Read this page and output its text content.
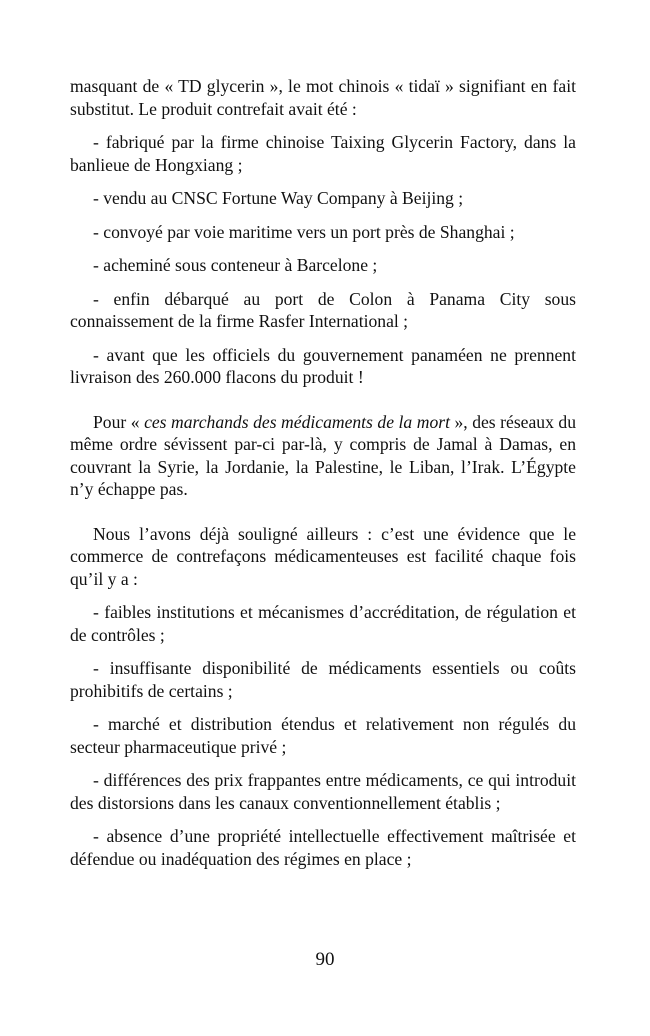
masquant de « TD glycerin », le mot chinois « tidaï » signifiant en fait substitut. Le produit contrefait avait été :

- fabriqué par la firme chinoise Taixing Glycerin Factory, dans la banlieue de Hongxiang ;

- vendu au CNSC Fortune Way Company à Beijing ;

- convoyé par voie maritime vers un port près de Shanghai ;

- acheminé sous conteneur à Barcelone ;

- enfin débarqué au port de Colon à Panama City sous connaissement de la firme Rasfer International ;

- avant que les officiels du gouvernement panaméen ne prennent livraison des 260.000 flacons du produit !

Pour « ces marchands des médicaments de la mort », des réseaux du même ordre sévissent par-ci par-là, y compris de Jamal à Damas, en couvrant la Syrie, la Jordanie, la Palestine, le Liban, l’Irak. L’Égypte n’y échappe pas.

Nous l’avons déjà souligné ailleurs : c’est une évidence que le commerce de contrefaçons médicamenteuses est facilité chaque fois qu’il y a :

- faibles institutions et mécanismes d’accréditation, de régulation et de contrôles ;

- insuffisante disponibilité de médicaments essentiels ou coûts prohibitifs de certains ;

- marché et distribution étendus et relativement non régulés du secteur pharmaceutique privé ;

- différences des prix frappantes entre médicaments, ce qui introduit des distorsions dans les canaux conventionnellement établis ;

- absence d’une propriété intellectuelle effectivement maîtrisée et défendue ou inadéquation des régimes en place ;

90
